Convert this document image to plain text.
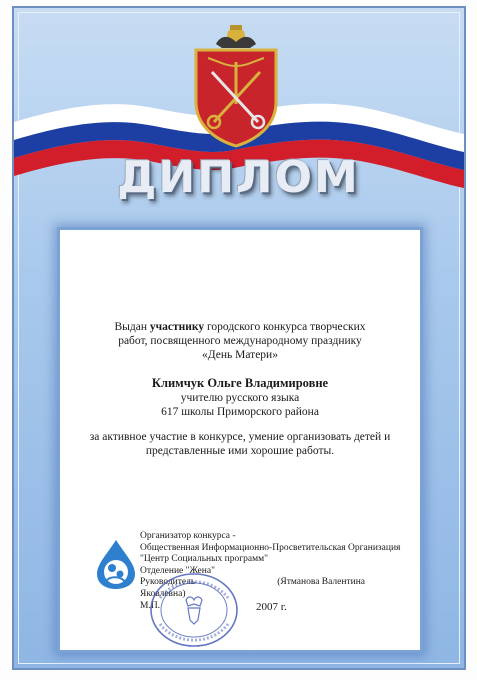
ДИПЛОМ
Выдан участнику городского конкурса творческих
работ, посвященного международному празднику
«День Матери»
Климчук Ольге Владимировне
учителю русского языка
617 школы Приморского района
за активное участие в конкурсе, умение организовать детей и
представленные ими хорошие работы.
Организатор конкурса -
Общественная Информационно-Просветительская Организация
"Центр Социальных программ"
Отделение "Жена"
Руководитель	(Ятманова Валентина Яковлевна)
М.П.	2007 г.
